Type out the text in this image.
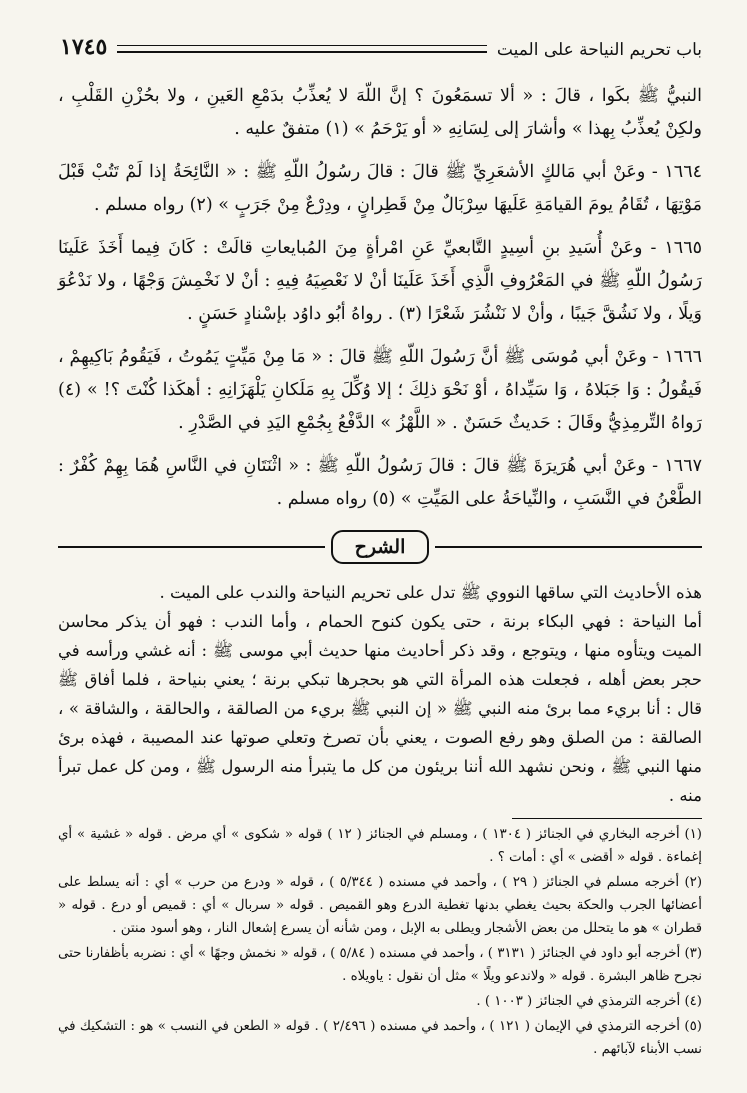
باب تحريم النياحة على الميت
١٧٤٥

النبيُّ ﷺ بكَوا ، قالَ : « ألا تسمَعُونَ ؟ إنَّ اللّهَ لا يُعذِّبُ بدَمْعِ العَينِ ، ولا بحُزْنِ القَلْبِ ، ولكِنْ يُعذِّبُ بِهذا » وأشارَ إلى لِسَانِهِ « أو يَرْحَمُ » (١) متفقٌ عليه .

١٦٦٤ - وعَنْ أبي مَالكٍ الأشعَرِيِّ ﷺ قالَ : قالَ رسُولُ اللّهِ ﷺ : « النَّائِحَةُ إذا لَمْ تَتُبْ قَبْلَ مَوْتِهَا ، تُقَامُ يومَ القيامَةِ عَلَيهَا سِرْبَالٌ مِنْ قَطِرانٍ ، ودِرْعٌ مِنْ جَرَبٍ » (٢) رواه مسلم .

١٦٦٥ - وعَنْ أُسَيدِ بنِ أسِيدٍ التَّابعيِّ عَنِ امْرأةٍ مِنَ المُبايعاتِ قالَتْ : كَانَ فِيما أَخَذَ عَلَينَا رَسُولُ اللّهِ ﷺ في المَعْرُوفِ الَّذِي أَخَذَ عَلَينَا أنْ لا نَعْصِيَهُ فِيهِ : أنْ لا نَخْمِشَ وَجْهًا ، ولا نَدْعُوَ وَيلًا ، ولا نَشُقَّ جَيبًا ، وأنْ لا نَنْشُرَ شَعْرًا (٣) . رواهُ أبُو داوُد بإسْنادٍ حَسَنٍ .

١٦٦٦ - وعَنْ أبي مُوسَى ﷺ أنَّ رَسُولَ اللّهِ ﷺ قالَ : « مَا مِنْ مَيِّتٍ يَمُوتُ ، فَيَقُومُ بَاكِيهِمْ ، فَيقُولُ : وَا جَبَلاهُ ، وَا سَيِّداهُ ، أوْ نَحْوَ ذلِكَ ؛ إلا وُكِّلَ بِهِ مَلَكانِ يَلْهَزَانِهِ : أهكَذا كُنْتَ ؟! » (٤) رَواهُ التِّرمِذِيُّ وقَالَ : حَديثٌ حَسَنٌ . « اللَّهْزُ » الدَّفْعُ بِجُمْعِ اليَدِ في الصَّدْرِ .

١٦٦٧ - وعَنْ أبي هُرَيرَةَ ﷺ قالَ : قالَ رَسُولُ اللّهِ ﷺ : « اثْنَتَانِ في النَّاسِ هُمَا بِهِمْ كُفْرٌ : الطَّعْنُ في النَّسَبِ ، والنِّياحَةُ على المَيِّتِ » (٥) رواه مسلم .

الشرح

هذه الأحاديث التي ساقها النووي ﷺ تدل على تحريم النياحة والندب على الميت .

أما النياحة : فهي البكاء برنة ، حتى يكون كنوح الحمام ، وأما الندب : فهو أن يذكر محاسن الميت ويتأوه منها ، ويتوجع ، وقد ذكر أحاديث منها حديث أبي موسى ﷺ : أنه غشي ورأسه في حجر بعض أهله ، فجعلت هذه المرأة التي هو بحجرها تبكي برنة ؛ يعني بنياحة ، فلما أفاق ﷺ قال : أنا بريء مما برئ منه النبي ﷺ « إن النبي ﷺ بريء من الصالقة ، والحالقة ، والشاقة » ، الصالقة : من الصلق وهو رفع الصوت ، يعني بأن تصرخ وتعلي صوتها عند المصيبة ، فهذه برئ منها النبي ﷺ ، ونحن نشهد الله أننا بريئون من كل ما يتبرأ منه الرسول ﷺ ، ومن كل عمل تبرأ منه .

(١) أخرجه البخاري في الجنائز ( ١٣٠٤ ) ، ومسلم في الجنائز ( ١٢ ) قوله « شكوى » أي مرض . قوله « غشية » أي إغماءة . قوله « أقضى » أي : أمات ؟ .

(٢) أخرجه مسلم في الجنائز ( ٢٩ ) ، وأحمد في مسنده ( ٥/٣٤٤ ) ، قوله « ودرع من حرب » أي : أنه يسلط على أعضائها الجرب والحكة بحيث يغطي بدنها تغطية الدرع وهو القميص . قوله « سربال » أي : قميص أو درع . قوله « قطران » هو ما يتحلل من بعض الأشجار ويطلى به الإبل ، ومن شأنه أن يسرع إشعال النار ، وهو أسود منتن .

(٣) أخرجه أبو داود في الجنائز ( ٣١٣١ ) ، وأحمد في مسنده ( ٥/٨٤ ) ، قوله « نخمش وجهًا » أي : نضربه بأظفارنا حتى نجرح ظاهر البشرة . قوله « ولاندعو ويلًا » مثل أن نقول : ياويلاه .

(٤) أخرجه الترمذي في الجنائز ( ١٠٠٣ ) .

(٥) أخرجه الترمذي في الإيمان ( ١٢١ ) ، وأحمد في مسنده ( ٢/٤٩٦ ) . قوله « الطعن في النسب » هو : التشكيك في نسب الأبناء لآبائهم .
